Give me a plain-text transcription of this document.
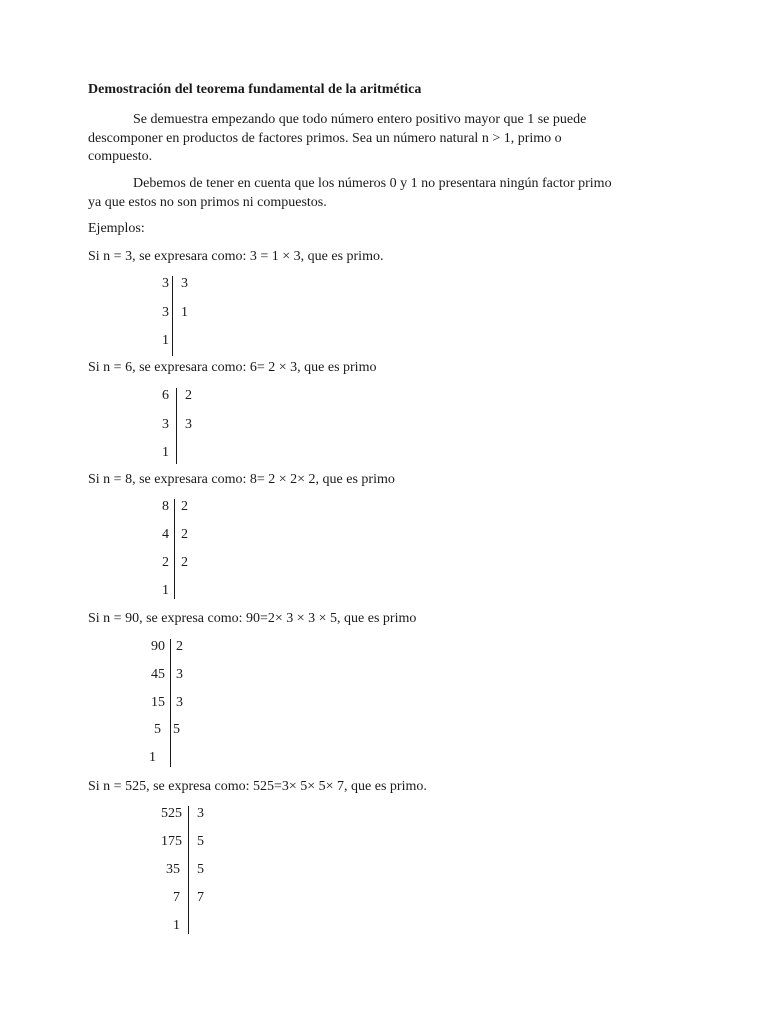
Demostración del teorema fundamental de la aritmética
Se demuestra empezando que todo número entero positivo mayor que 1 se puede
descomponer en productos de factores primos. Sea un número natural n > 1, primo o
compuesto.
Debemos de tener en cuenta que los números 0 y 1 no presentara ningún factor primo
ya que estos no son primos ni compuestos.
Ejemplos:
Si n = 3, se expresara como: 3 = 1 × 3, que es primo.
3 3
3 1
1
Si n = 6, se expresara como: 6= 2 × 3, que es primo
6 2
3 3
1
Si n = 8, se expresara como: 8= 2 × 2× 2, que es primo
8 2
4 2
2 2
1
Si n = 90, se expresa como: 90=2× 3 × 3 × 5, que es primo
90 2
45 3
15 3
5 5
1
Si n = 525, se expresa como: 525=3× 5× 5× 7, que es primo.
525 3
175 5
35 5
7 7
1
